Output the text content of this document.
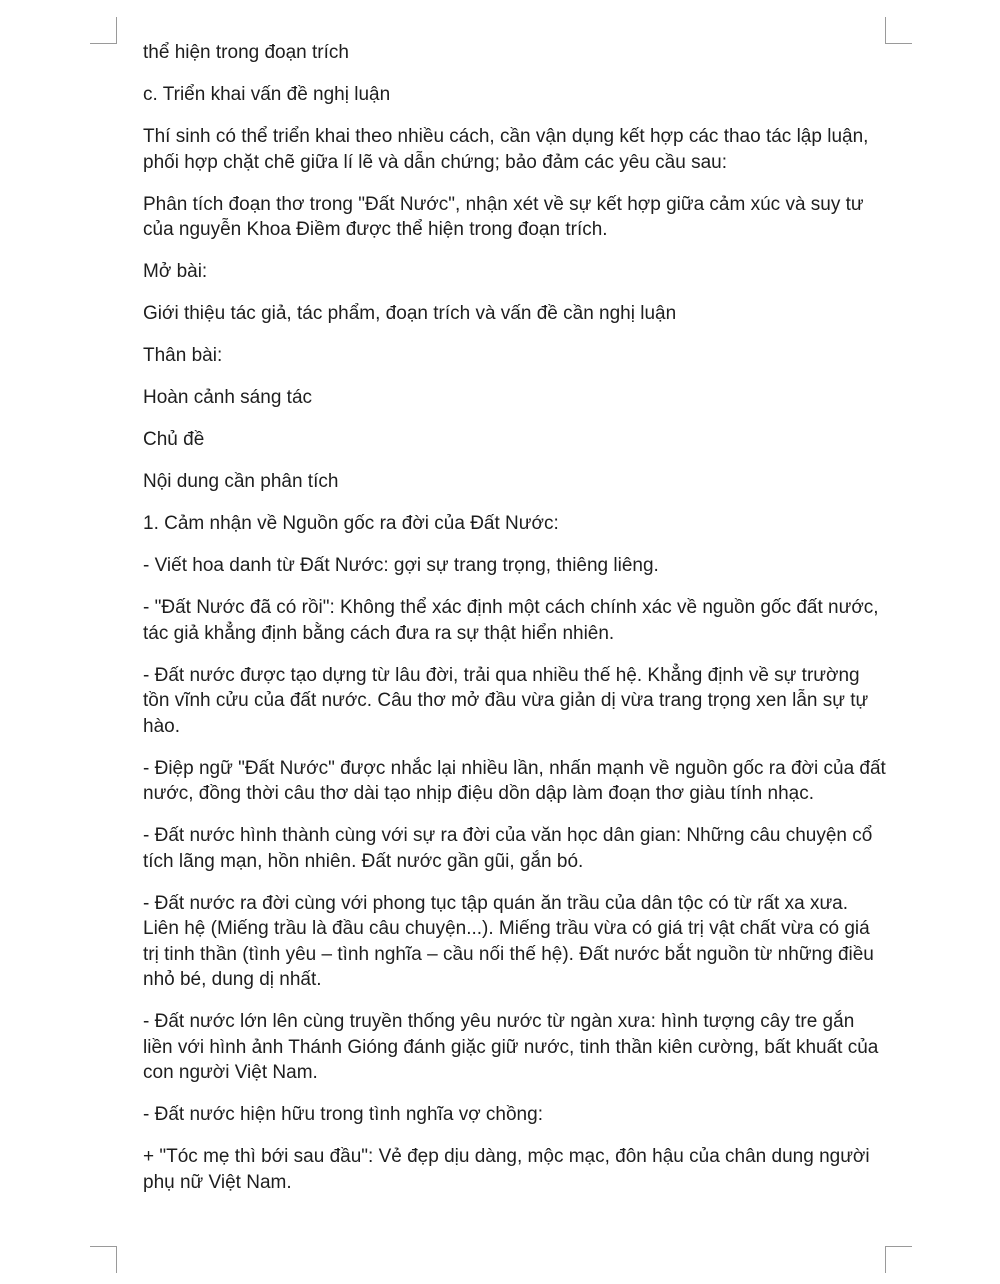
thể hiện trong đoạn trích

c. Triển khai vấn đề nghị luận

Thí sinh có thể triển khai theo nhiều cách, cần vận dụng kết hợp các thao tác lập luận, phối hợp chặt chẽ giữa lí lẽ và dẫn chứng; bảo đảm các yêu cầu sau:

Phân tích đoạn thơ trong "Đất Nước", nhận xét về sự kết hợp giữa cảm xúc và suy tư của nguyễn Khoa Điềm được thể hiện trong đoạn trích.

Mở bài:

Giới thiệu tác giả, tác phẩm, đoạn trích và vấn đề cần nghị luận

Thân bài:

Hoàn cảnh sáng tác

Chủ đề

Nội dung cần phân tích

1. Cảm nhận về Nguồn gốc ra đời của Đất Nước:

- Viết hoa danh từ Đất Nước: gợi sự trang trọng, thiêng liêng.

- "Đất Nước đã có rồi": Không thể xác định một cách chính xác về nguồn gốc đất nước, tác giả khẳng định bằng cách đưa ra sự thật hiển nhiên.

- Đất nước được tạo dựng từ lâu đời, trải qua nhiều thế hệ. Khẳng định về sự trường tồn vĩnh cửu của đất nước. Câu thơ mở đầu vừa giản dị vừa trang trọng xen lẫn sự tự hào.

- Điệp ngữ "Đất Nước" được nhắc lại nhiều lần, nhấn mạnh về nguồn gốc ra đời của đất nước, đồng thời câu thơ dài tạo nhịp điệu dồn dập làm đoạn thơ giàu tính nhạc.

- Đất nước hình thành cùng với sự ra đời của văn học dân gian: Những câu chuyện cổ tích lãng mạn, hồn nhiên. Đất nước gần gũi, gắn bó.

- Đất nước ra đời cùng với phong tục tập quán ăn trầu của dân tộc có từ rất xa xưa. Liên hệ (Miếng trầu là đầu câu chuyện...). Miếng trầu vừa có giá trị vật chất vừa có giá trị tinh thần (tình yêu – tình nghĩa – cầu nối thế hệ). Đất nước bắt nguồn từ những điều nhỏ bé, dung dị nhất.

- Đất nước lớn lên cùng truyền thống yêu nước từ ngàn xưa: hình tượng cây tre gắn liền với hình ảnh Thánh Gióng đánh giặc giữ nước, tinh thần kiên cường, bất khuất của con người Việt Nam.

- Đất nước hiện hữu trong tình nghĩa vợ chồng:

+ "Tóc mẹ thì bới sau đầu": Vẻ đẹp dịu dàng, mộc mạc, đôn hậu của chân dung người phụ nữ Việt Nam.
